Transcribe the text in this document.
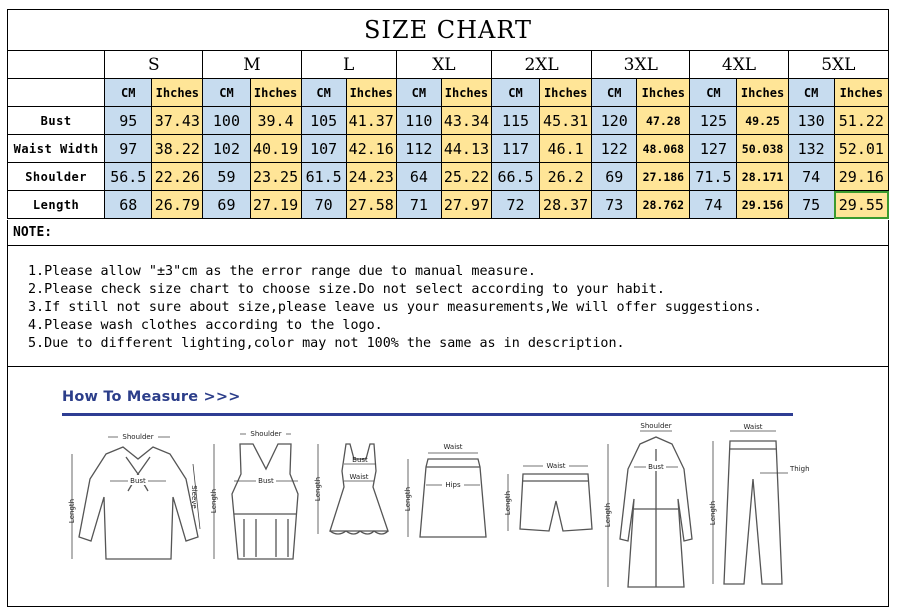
SIZE CHART																
	S		M		L		XL		2XL		3XL		4XL		5XL	
	CM	Ihches	CM	Ihches	CM	Ihches	CM	Ihches	CM	Ihches	CM	Ihches	CM	Ihches	CM	Ihches
Bust	95	37.43	100	39.4	105	41.37	110	43.34	115	45.31	120	47.28	125	49.25	130	51.22
Waist Width	97	38.22	102	40.19	107	42.16	112	44.13	117	46.1	122	48.068	127	50.038	132	52.01
Shoulder	56.5	22.26	59	23.25	61.5	24.23	64	25.22	66.5	26.2	69	27.186	71.5	28.171	74	29.16
Length	68	26.79	69	27.19	70	27.58	71	27.97	72	28.37	73	28.762	74	29.156	75	29.55
NOTE:
1.Please allow "±3"cm as the error range due to manual measure.
2.Please check size chart to choose size.Do not select according to your habit.
3.If still not sure about size,please leave us your measurements,We will offer suggestions.
4.Please wash clothes according to the logo.
5.Due to different lighting,color may not 100% the same as in description.
How To Measure >>>
Shoulder
Bust
Length
Sleeve
Shoulder
Bust
Length
Bust
Waist
Length
Waist
Hips
Length
Waist
Length
Shoulder
Bust
Length
Waist
Thigh
Length
